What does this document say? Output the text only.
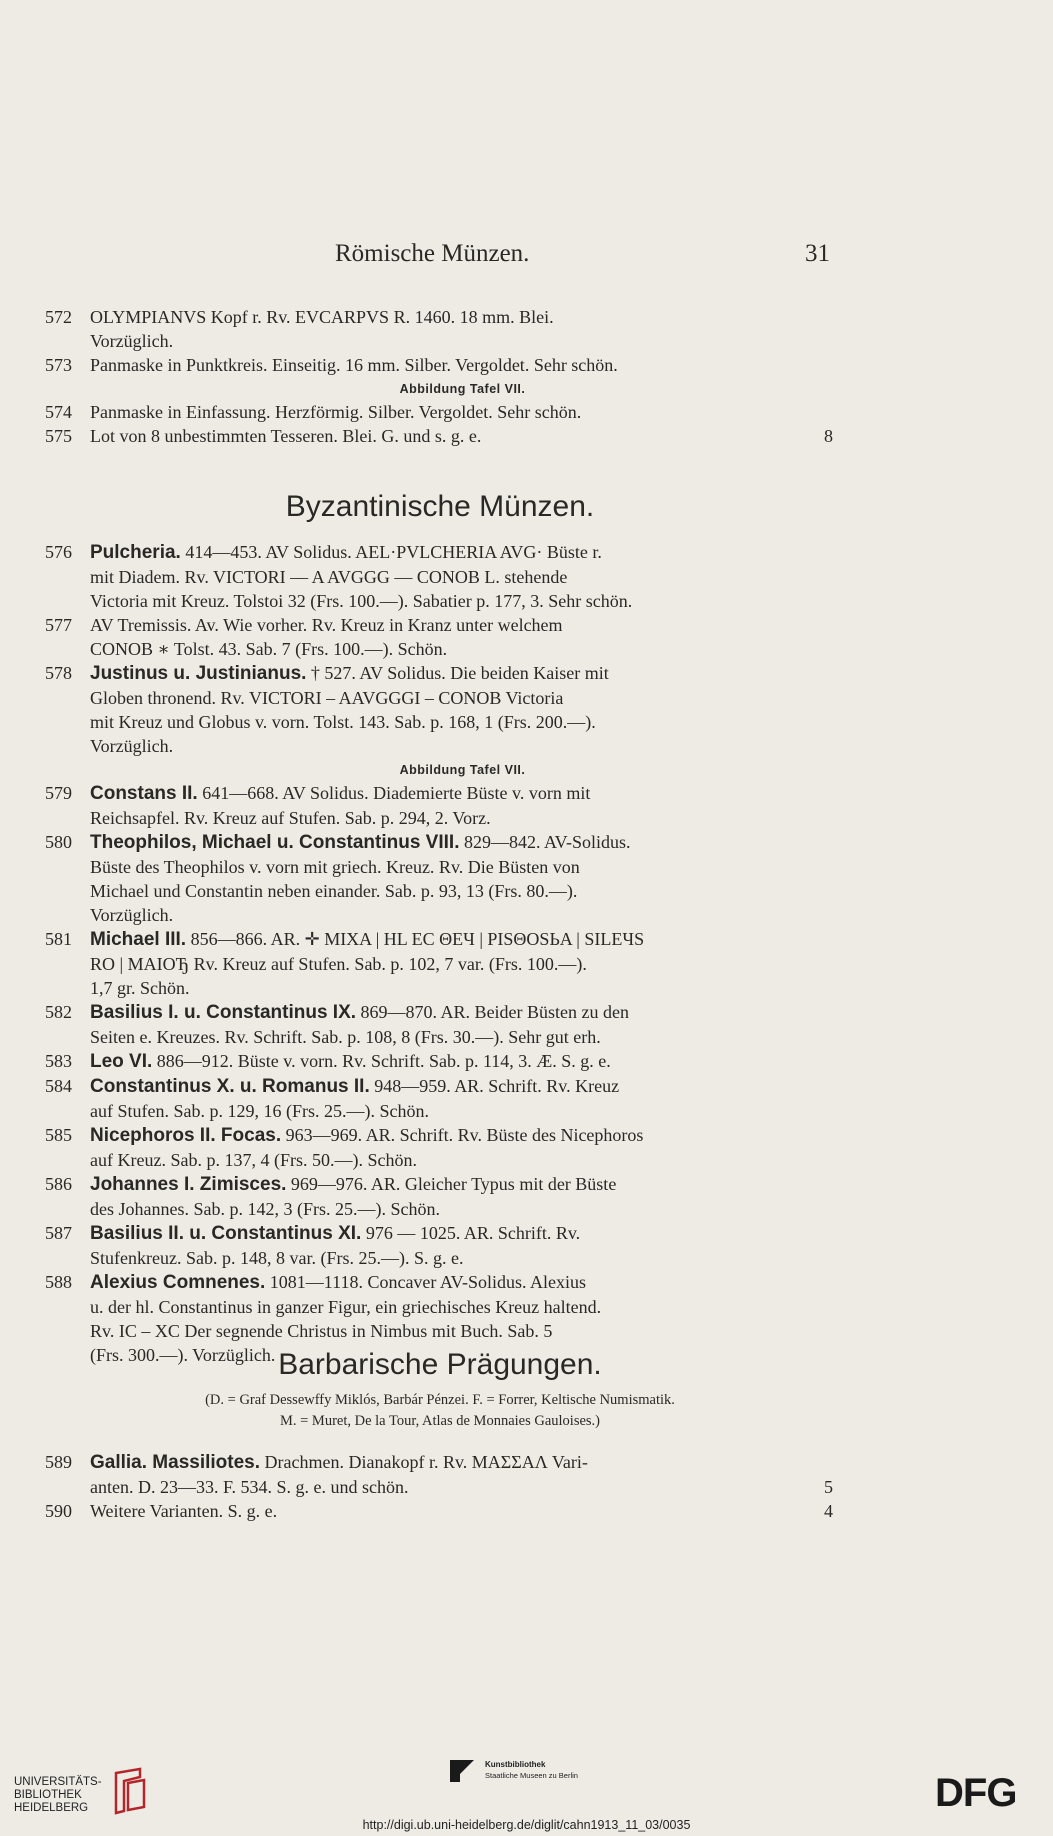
Römische Münzen.	31
572 OLYMPIANVS Kopf r. Rv. EVCARPVS R. 1460. 18 mm. Blei.
Vorzüglich.
573 Panmaske in Punktkreis. Einseitig. 16 mm. Silber. Vergoldet. Sehr schön.
Abbildung Tafel VII.
574 Panmaske in Einfassung. Herzförmig. Silber. Vergoldet. Sehr schön.
575 Lot von 8 unbestimmten Tesseren. Blei. G. und s. g. e.	8
Byzantinische Münzen.
576 Pulcheria. 414—453. AV Solidus. AEL·PVLCHERIA AVG· Büste r.
mit Diadem. Rv. VICTORI — A AVGGG — CONOB L. stehende
Victoria mit Kreuz. Tolstoi 32 (Frs. 100.—). Sabatier p. 177, 3. Sehr schön.
577 AV Tremissis. Av. Wie vorher. Rv. Kreuz in Kranz unter welchem
CONOB ∗ Tolst. 43. Sab. 7 (Frs. 100.—). Schön.
578 Justinus u. Justinianus. † 527. AV Solidus. Die beiden Kaiser mit
Globen thronend. Rv. VICTORI – AAVGGGI – CONOB Victoria
mit Kreuz und Globus v. vorn. Tolst. 143. Sab. p. 168, 1 (Frs. 200.—).
Vorzüglich.
Abbildung Tafel VII.
579 Constans II. 641—668. AV Solidus. Diademierte Büste v. vorn mit
Reichsapfel. Rv. Kreuz auf Stufen. Sab. p. 294, 2. Vorz.
580 Theophilos, Michael u. Constantinus VIII. 829—842. AV-Solidus.
Büste des Theophilos v. vorn mit griech. Kreuz. Rv. Die Büsten von
Michael und Constantin neben einander. Sab. p. 93, 13 (Frs. 80.—).
Vorzüglich.
581 Michael III. 856—866. AR. ✛ MIXA | HL EC ΘEЧ | PISΘOSЬA | SILEЧS
RO | MAIOЂ Rv. Kreuz auf Stufen. Sab. p. 102, 7 var. (Frs. 100.—).
1,7 gr. Schön.
582 Basilius I. u. Constantinus IX. 869—870. AR. Beider Büsten zu den
Seiten e. Kreuzes. Rv. Schrift. Sab. p. 108, 8 (Frs. 30.—). Sehr gut erh.
583 Leo VI. 886—912. Büste v. vorn. Rv. Schrift. Sab. p. 114, 3. Æ. S. g. e.
584 Constantinus X. u. Romanus II. 948—959. AR. Schrift. Rv. Kreuz
auf Stufen. Sab. p. 129, 16 (Frs. 25.—). Schön.
585 Nicephoros II. Focas. 963—969. AR. Schrift. Rv. Büste des Nicephoros
auf Kreuz. Sab. p. 137, 4 (Frs. 50.—). Schön.
586 Johannes I. Zimisces. 969—976. AR. Gleicher Typus mit der Büste
des Johannes. Sab. p. 142, 3 (Frs. 25.—). Schön.
587 Basilius II. u. Constantinus XI. 976 — 1025. AR. Schrift. Rv.
Stufenkreuz. Sab. p. 148, 8 var. (Frs. 25.—). S. g. e.
588 Alexius Comnenes. 1081—1118. Concaver AV-Solidus. Alexius
u. der hl. Constantinus in ganzer Figur, ein griechisches Kreuz haltend.
Rv. IC – XC Der segnende Christus in Nimbus mit Buch. Sab. 5
(Frs. 300.—). Vorzüglich. Barbarische Prägungen.
(D. = Graf Dessewffy Miklós, Barbár Pénzei. F. = Forrer, Keltische Numismatik.
M. = Muret, De la Tour, Atlas de Monnaies Gauloises.)
589 Gallia. Massiliotes. Drachmen. Dianakopf r. Rv. ΜΑΣΣΑΛ Vari-
anten. D. 23—33. F. 534. S. g. e. und schön.	5
590 Weitere Varianten. S. g. e.	4
UNIVERSITÄTS-
BIBLIOTHEK
HEIDELBERG
Kunstbibliothek
Staatliche Museen zu Berlin	DFG
http://digi.ub.uni-heidelberg.de/diglit/cahn1913_11_03/0035
